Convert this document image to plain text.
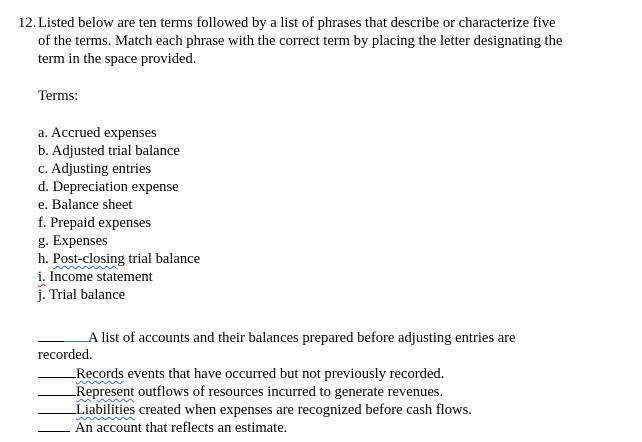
12. Listed below are ten terms followed by a list of phrases that describe or characterize five
of the terms. Match each phrase with the correct term by placing the letter designating the
term in the space provided.
Terms:
a. Accrued expenses
b. Adjusted trial balance
c. Adjusting entries
d. Depreciation expense
e. Balance sheet
f. Prepaid expenses
g. Expenses
h. Post-closing trial balance
i. Income statement
j. Trial balance
A list of accounts and their balances prepared before adjusting entries are
recorded.
Records events that have occurred but not previously recorded.
Represent outflows of resources incurred to generate revenues.
Liabilities created when expenses are recognized before cash flows.
An account that reflects an estimate.
